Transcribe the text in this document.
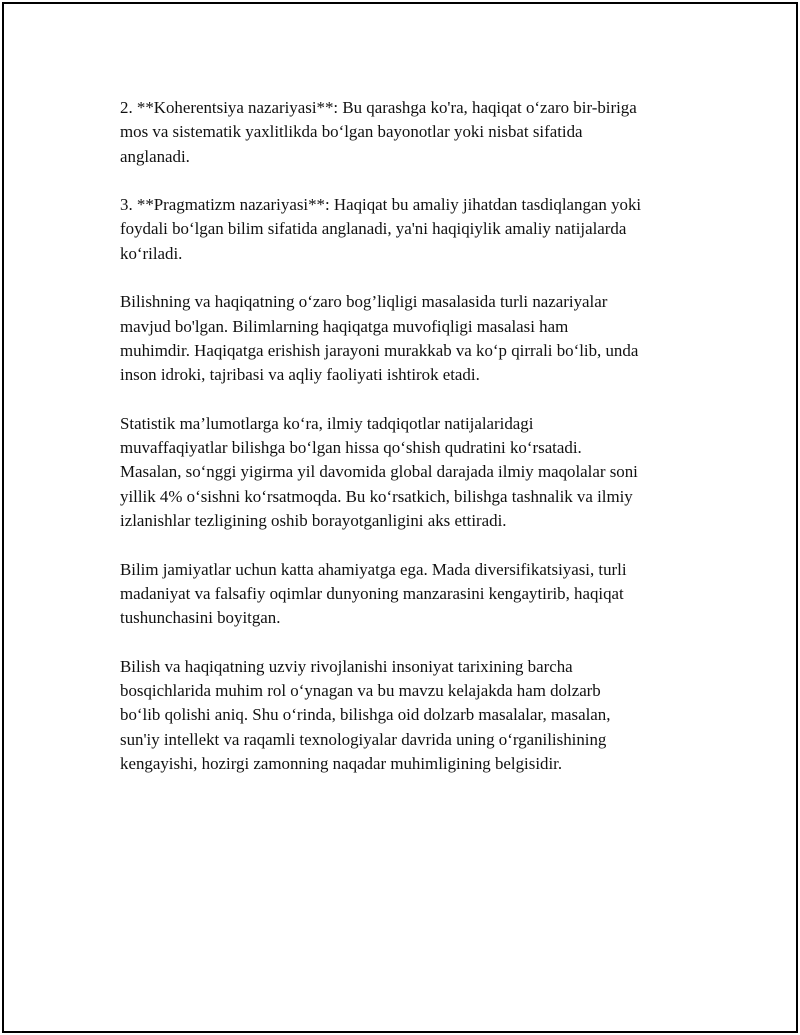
2. **Koherentsiya nazariyasi**: Bu qarashga ko'ra, haqiqat o‘zaro bir-biriga
mos va sistematik yaxlitlikda bo‘lgan bayonotlar yoki nisbat sifatida
anglanadi.

3. **Pragmatizm nazariyasi**: Haqiqat bu amaliy jihatdan tasdiqlangan yoki
foydali bo‘lgan bilim sifatida anglanadi, ya'ni haqiqiylik amaliy natijalarda
ko‘riladi.

Bilishning va haqiqatning o‘zaro bog’liqligi masalasida turli nazariyalar
mavjud bo'lgan. Bilimlarning haqiqatga muvofiqligi masalasi ham
muhimdir. Haqiqatga erishish jarayoni murakkab va ko‘p qirrali bo‘lib, unda
inson idroki, tajribasi va aqliy faoliyati ishtirok etadi.

Statistik ma’lumotlarga ko‘ra, ilmiy tadqiqotlar natijalaridagi
muvaffaqiyatlar bilishga bo‘lgan hissa qo‘shish qudratini ko‘rsatadi.
Masalan, so‘nggi yigirma yil davomida global darajada ilmiy maqolalar soni
yillik 4% o‘sishni ko‘rsatmoqda. Bu ko‘rsatkich, bilishga tashnalik va ilmiy
izlanishlar tezligining oshib borayotganligini aks ettiradi.

Bilim jamiyatlar uchun katta ahamiyatga ega. Mada diversifikatsiyasi, turli
madaniyat va falsafiy oqimlar dunyoning manzarasini kengaytirib, haqiqat
tushunchasini boyitgan.

Bilish va haqiqatning uzviy rivojlanishi insoniyat tarixining barcha
bosqichlarida muhim rol o‘ynagan va bu mavzu kelajakda ham dolzarb
bo‘lib qolishi aniq. Shu o‘rinda, bilishga oid dolzarb masalalar, masalan,
sun'iy intellekt va raqamli texnologiyalar davrida uning o‘rganilishining
kengayishi, hozirgi zamonning naqadar muhimligining belgisidir.
